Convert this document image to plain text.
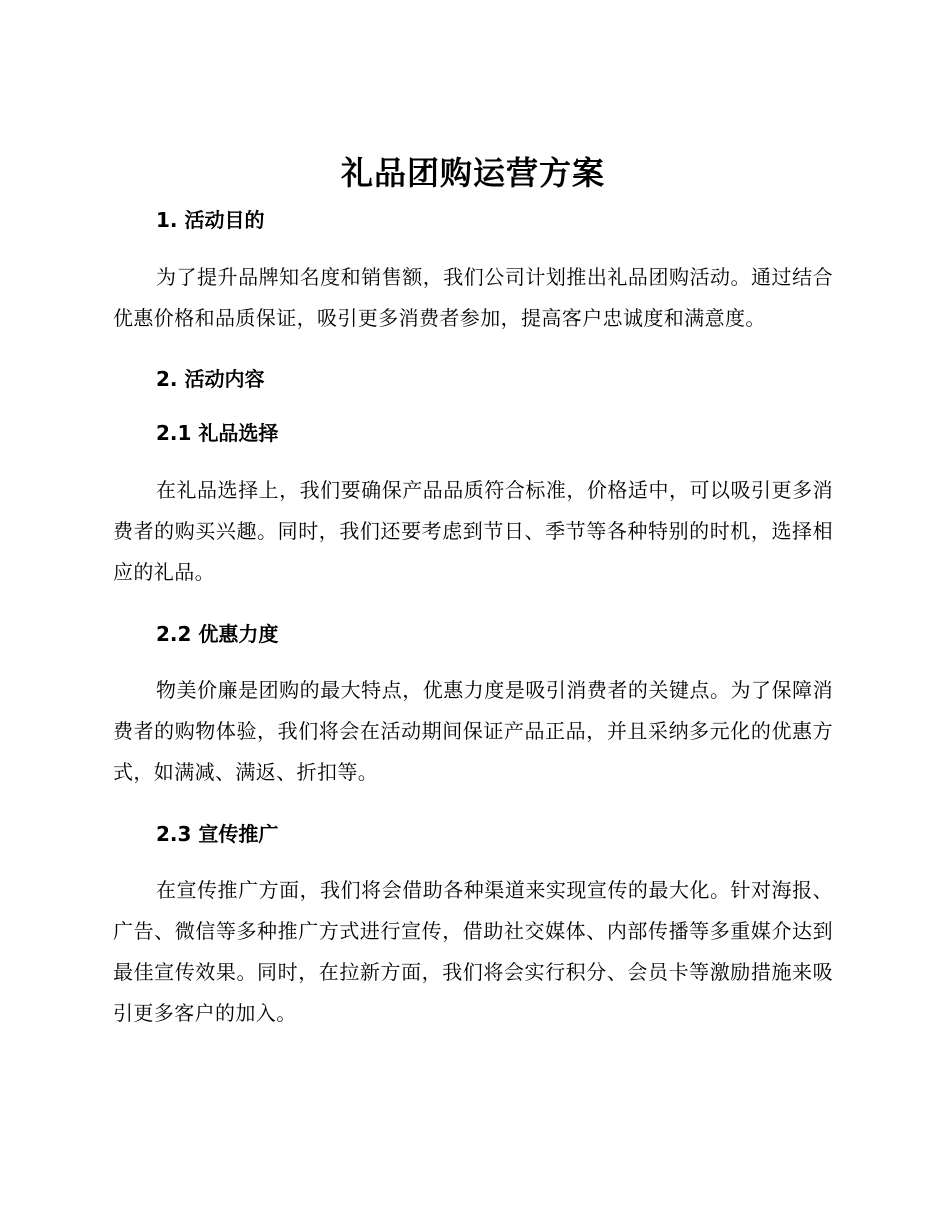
礼品团购运营方案
1. 活动目的

为了提升品牌知名度和销售额，我们公司计划推出礼品团购活动。通过结合优惠价格和品质保证，吸引更多消费者参加，提高客户忠诚度和满意度。

2. 活动内容
2.1 礼品选择

在礼品选择上，我们要确保产品品质符合标准，价格适中，可以吸引更多消费者的购买兴趣。同时，我们还要考虑到节日、季节等各种特别的时机，选择相应的礼品。

2.2 优惠力度

物美价廉是团购的最大特点，优惠力度是吸引消费者的关键点。为了保障消费者的购物体验，我们将会在活动期间保证产品正品，并且采纳多元化的优惠方式，如满减、满返、折扣等。

2.3 宣传推广

在宣传推广方面，我们将会借助各种渠道来实现宣传的最大化。针对海报、广告、微信等多种推广方式进行宣传，借助社交媒体、内部传播等多重媒介达到最佳宣传效果。同时，在拉新方面，我们将会实行积分、会员卡等激励措施来吸引更多客户的加入。
